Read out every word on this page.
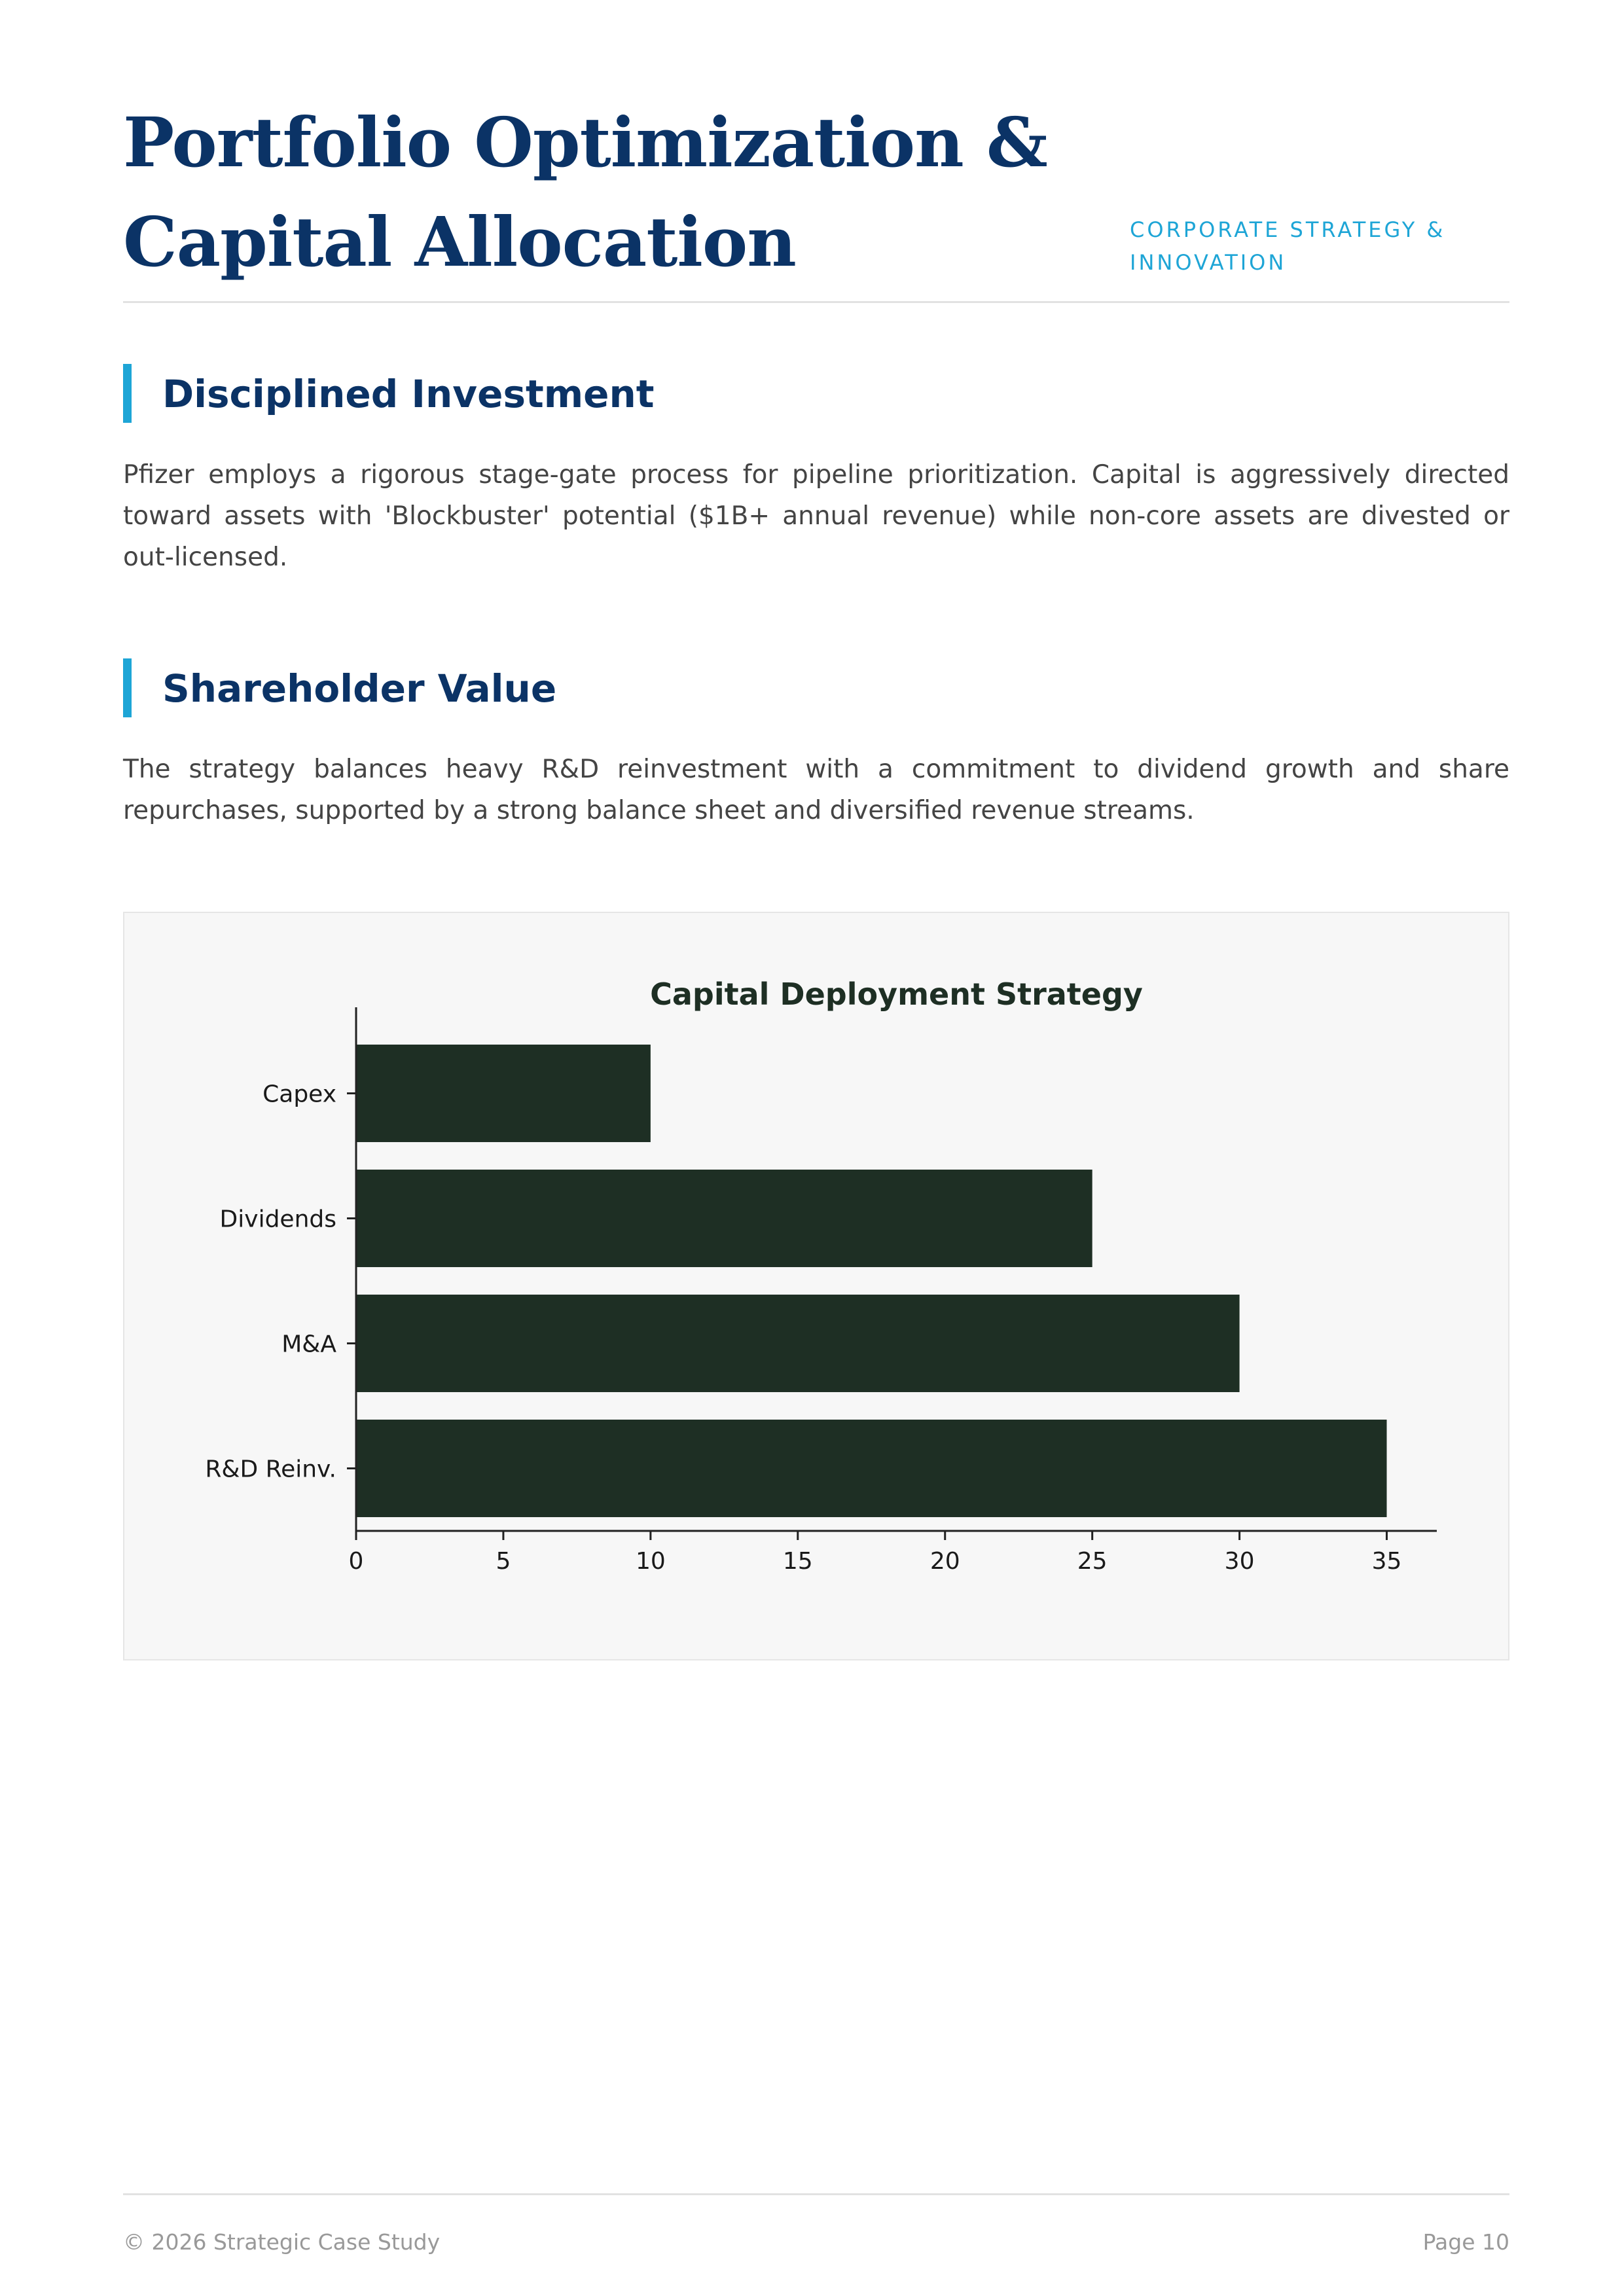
Portfolio Optimization & Capital Allocation	CORPORATE STRATEGY & INNOVATION
Disciplined Investment

Pfizer employs a rigorous stage-gate process for pipeline prioritization. Capital is aggressively directed toward assets with 'Blockbuster' potential ($1B+ annual revenue) while non-core assets are divested or out-licensed.

Shareholder Value

The strategy balances heavy R&D reinvestment with a commitment to dividend growth and share repurchases, supported by a strong balance sheet and diversified revenue streams.

Capital Deployment Strategy
Capex
Dividends
M&A
R&D Reinv.
0	5	10	15	20	25	30	35
© 2026 Strategic Case Study	Page 10
